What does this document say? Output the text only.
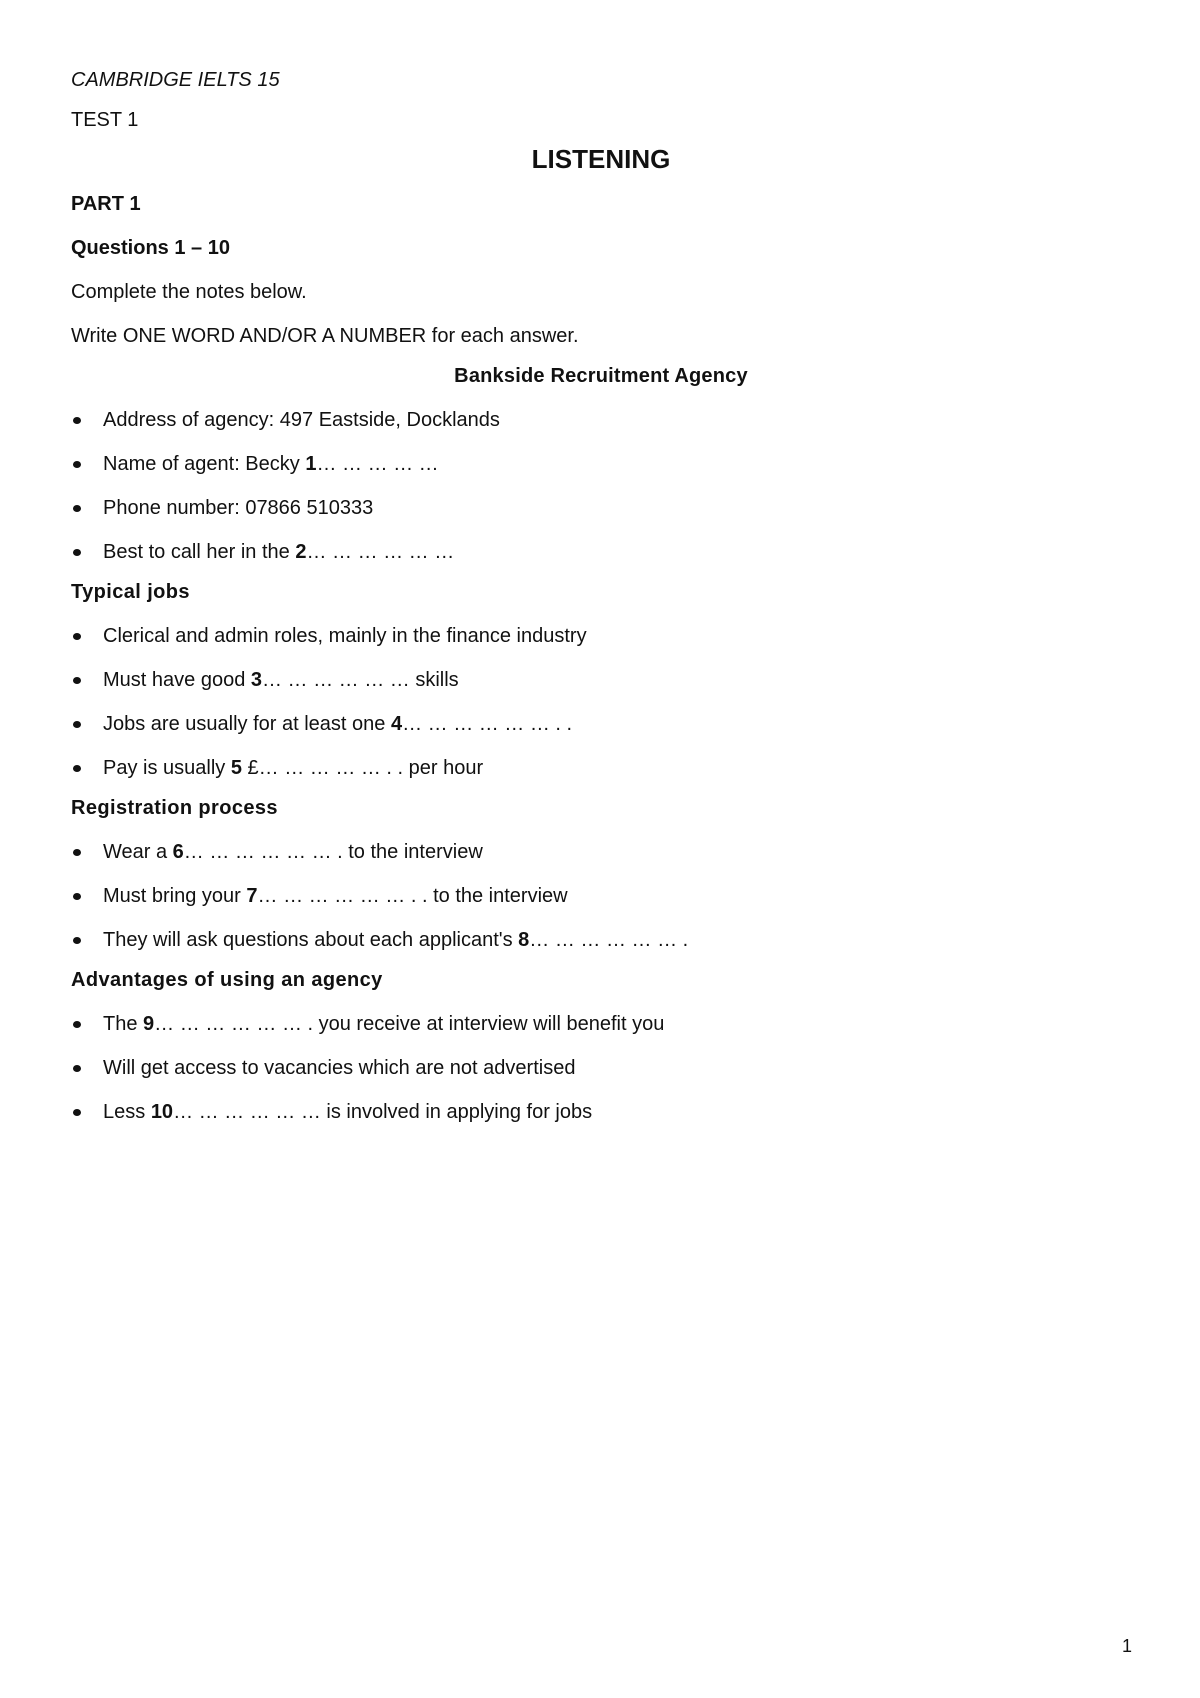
CAMBRIDGE IELTS 15
TEST 1
LISTENING
PART 1
Questions 1 – 10
Complete the notes below.
Write ONE WORD AND/OR A NUMBER for each answer.
Bankside Recruitment Agency
Address of agency: 497 Eastside, Docklands
Name of agent: Becky 1… … … … …
Phone number: 07866 510333
Best to call her in the 2… … … … … …
Typical jobs
Clerical and admin roles, mainly in the finance industry
Must have good 3… … … … … … skills
Jobs are usually for at least one 4… … … … … … . .
Pay is usually 5 £… … … … … . . per hour
Registration process
Wear a 6… … … … … … . to the interview
Must bring your 7… … … … … … . . to the interview
They will ask questions about each applicant's 8… … … … … … .
Advantages of using an agency
The 9… … … … … … . you receive at interview will benefit you
Will get access to vacancies which are not advertised
Less 10… … … … … … is involved in applying for jobs
1
